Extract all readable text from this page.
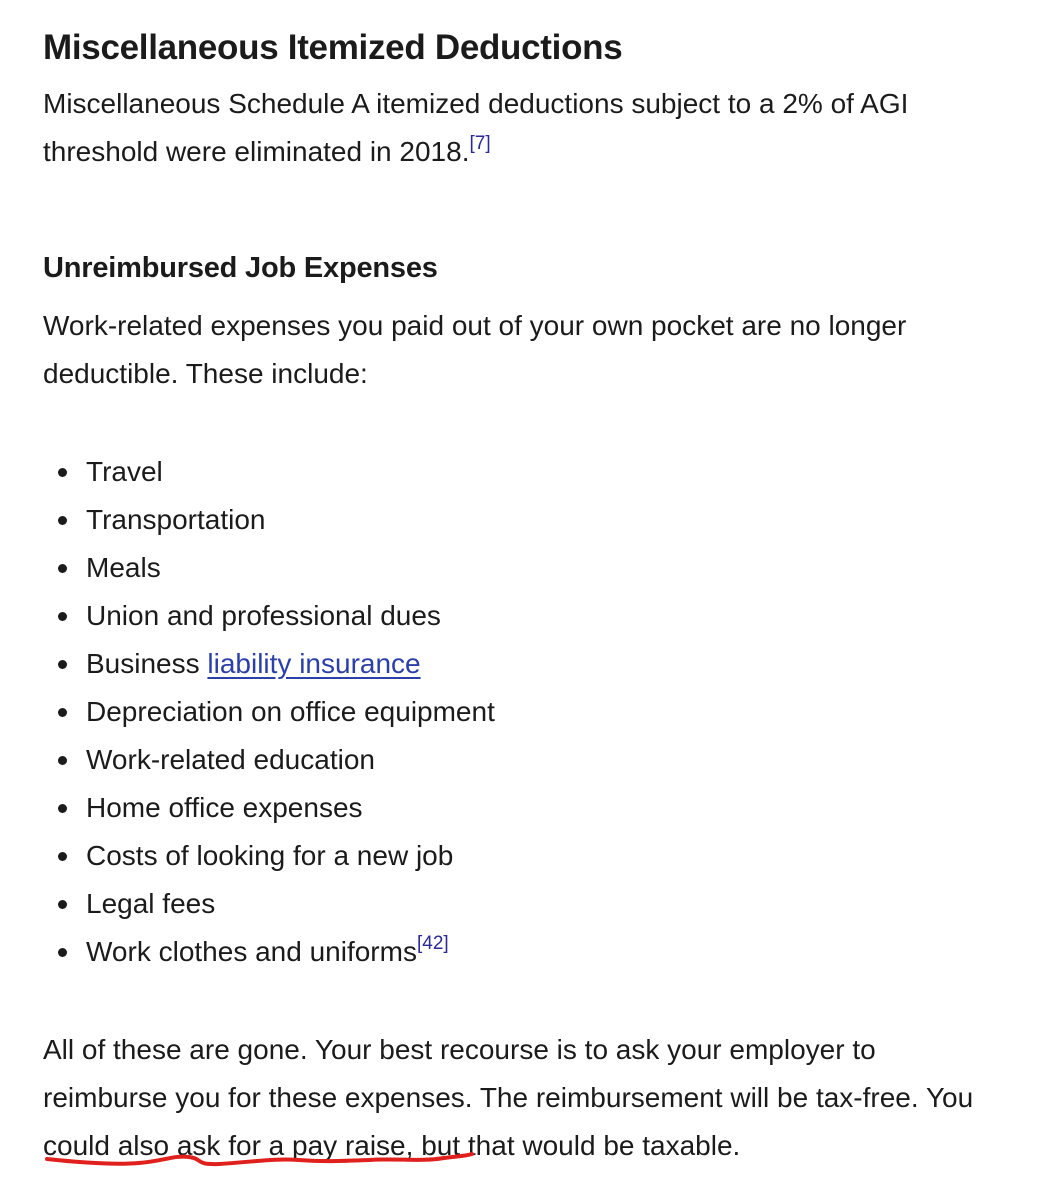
Miscellaneous Itemized Deductions

Miscellaneous Schedule A itemized deductions subject to a 2% of AGI threshold were eliminated in 2018.[7]

Unreimbursed Job Expenses

Work-related expenses you paid out of your own pocket are no longer deductible. These include:

Travel
Transportation
Meals
Union and professional dues
Business liability insurance
Depreciation on office equipment
Work-related education
Home office expenses
Costs of looking for a new job
Legal fees
Work clothes and uniforms[42]

All of these are gone. Your best recourse is to ask your employer to reimburse you for these expenses. The reimbursement will be tax-free. You could also ask for a pay raise, but that would be taxable.
